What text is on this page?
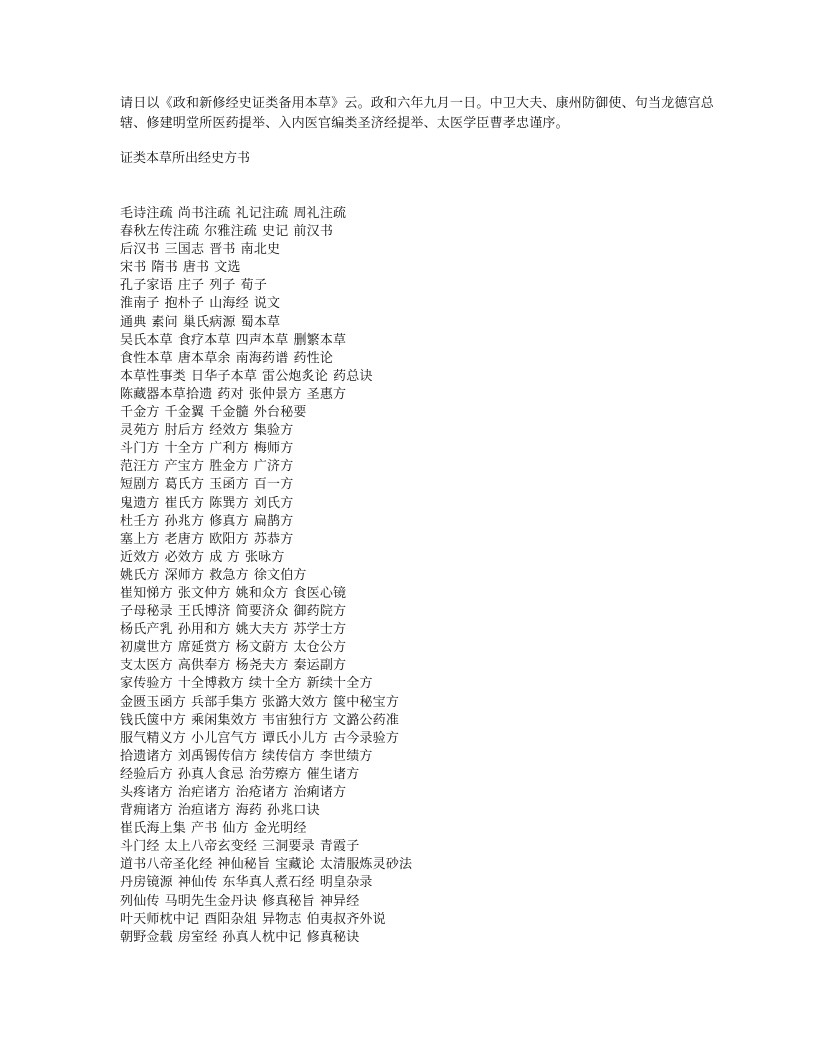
请日以《政和新修经史证类备用本草》云。政和六年九月一日。中卫大夫、康州防御使、句当龙德宫总辖、修建明堂所医药提举、入内医官编类圣济经提举、太医学臣曹孝忠谨序。

证类本草所出经史方书
毛诗注疏 尚书注疏 礼记注疏 周礼注疏
春秋左传注疏 尔雅注疏 史记 前汉书
后汉书 三国志 晋书 南北史
宋书 隋书 唐书 文选
孔子家语 庄子 列子 荀子
淮南子 抱朴子 山海经 说文
通典 素问 巢氏病源 蜀本草
吴氏本草 食疗本草 四声本草 删繁本草
食性本草 唐本草余 南海药谱 药性论
本草性事类 日华子本草 雷公炮炙论 药总诀
陈藏器本草拾遗 药对 张仲景方 圣惠方
千金方 千金翼 千金髓 外台秘要
灵苑方 肘后方 经效方 集验方
斗门方 十全方 广利方 梅师方
范汪方 产宝方 胜金方 广济方
短剧方 葛氏方 玉函方 百一方
鬼遗方 崔氏方 陈巽方 刘氏方
杜壬方 孙兆方 修真方 扁鹊方
塞上方 老唐方 欧阳方 苏恭方
近效方 必效方 成 方 张咏方
姚氏方 深师方 救急方 徐文伯方
崔知悌方 张文仲方 姚和众方 食医心镜
子母秘录 王氏博济 简要济众 御药院方
杨氏产乳 孙用和方 姚大夫方 苏学士方
初虞世方 席延赏方 杨文蔚方 太仓公方
支太医方 高供奉方 杨尧夫方 秦运副方
家传验方 十全博救方 续十全方 新续十全方
金匮玉函方 兵部手集方 张潞大效方 箧中秘宝方
钱氏箧中方 乘闲集效方 韦宙独行方 文潞公药准
服气精义方 小儿宫气方 谭氏小儿方 古今录验方
拾遗诸方 刘禹锡传信方 续传信方 李世绩方
经验后方 孙真人食忌 治劳瘵方 催生诸方
头疼诸方 治疟诸方 治疮诸方 治痢诸方
背痈诸方 治疸诸方 海药 孙兆口诀
崔氏海上集 产书 仙方 金光明经
斗门经 太上八帝玄变经 三洞要录 青霞子
道书八帝圣化经 神仙秘旨 宝藏论 太清服炼灵砂法
丹房镜源 神仙传 东华真人煮石经 明皇杂录
列仙传 马明先生金丹诀 修真秘旨 神异经
叶天师枕中记 酉阳杂俎 异物志 伯夷叔齐外说
朝野佥载 房室经 孙真人枕中记 修真秘诀
